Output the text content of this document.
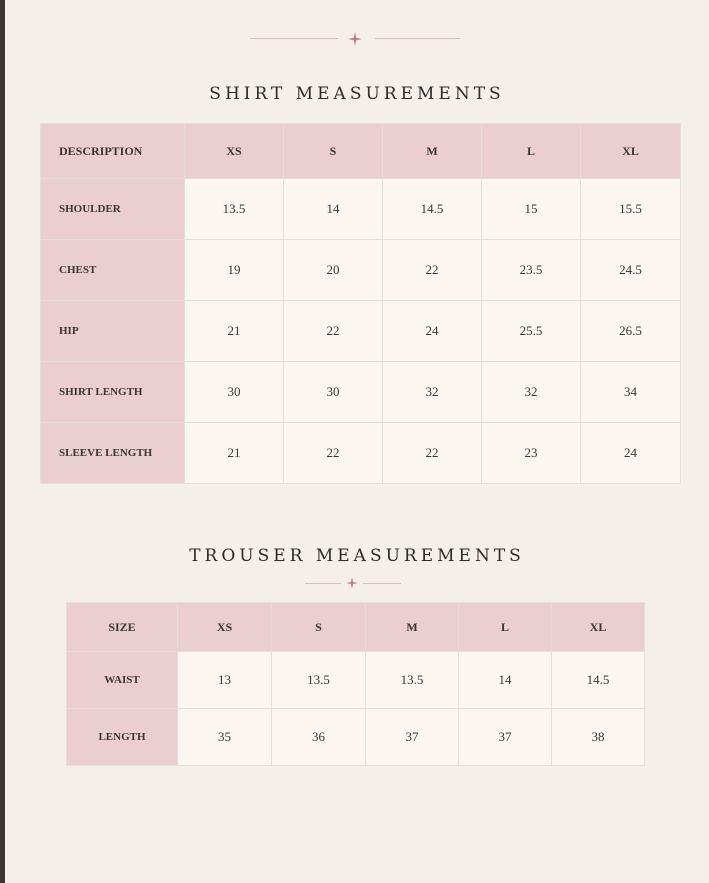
SHIRT MEASUREMENTS
DESCRIPTION	XS	S	M	L	XL
SHOULDER	13.5	14	14.5	15	15.5
CHEST	19	20	22	23.5	24.5
HIP	21	22	24	25.5	26.5
SHIRT LENGTH	30	30	32	32	34
SLEEVE LENGTH	21	22	22	23	24
TROUSER MEASUREMENTS
SIZE	XS	S	M	L	XL
WAIST	13	13.5	13.5	14	14.5
LENGTH	35	36	37	37	38
